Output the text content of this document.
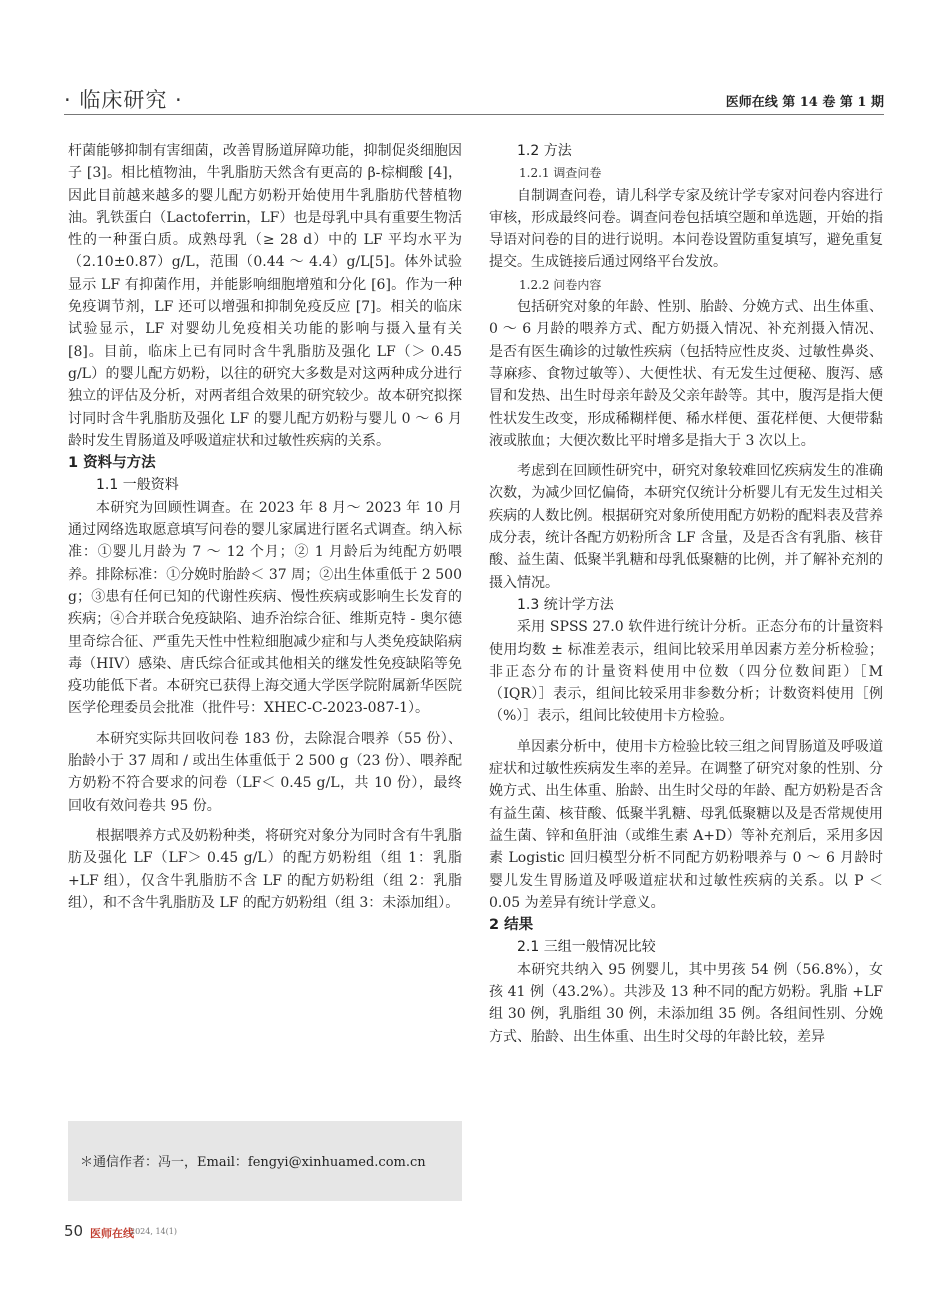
· 临床研究 ·	医师在线 第 14 卷 第 1 期

杆菌能够抑制有害细菌，改善胃肠道屏障功能，抑制促炎细胞因子 [3]。相比植物油，牛乳脂肪天然含有更高的 β-棕榈酸 [4]，因此目前越来越多的婴儿配方奶粉开始使用牛乳脂肪代替植物油。乳铁蛋白（Lactoferrin，LF）也是母乳中具有重要生物活性的一种蛋白质。成熟母乳（≥ 28 d）中的 LF 平均水平为（2.10±0.87）g/L，范围（0.44 ～ 4.4）g/L[5]。体外试验显示 LF 有抑菌作用，并能影响细胞增殖和分化 [6]。作为一种免疫调节剂，LF 还可以增强和抑制免疫反应 [7]。相关的临床试验显示，LF 对婴幼儿免疫相关功能的影响与摄入量有关 [8]。目前，临床上已有同时含牛乳脂肪及强化 LF（＞ 0.45 g/L）的婴儿配方奶粉，以往的研究大多数是对这两种成分进行独立的评估及分析，对两者组合效果的研究较少。故本研究拟探讨同时含牛乳脂肪及强化 LF 的婴儿配方奶粉与婴儿 0 ～ 6 月龄时发生胃肠道及呼吸道症状和过敏性疾病的关系。

1 资料与方法
1.1 一般资料

本研究为回顾性调查。在 2023 年 8 月～ 2023 年 10 月通过网络选取愿意填写问卷的婴儿家属进行匿名式调查。纳入标准：①婴儿月龄为 7 ～ 12 个月；② 1 月龄后为纯配方奶喂养。排除标准：①分娩时胎龄＜ 37 周；②出生体重低于 2 500 g；③患有任何已知的代谢性疾病、慢性疾病或影响生长发育的疾病；④合并联合免疫缺陷、迪乔治综合征、维斯克特 - 奥尔德里奇综合征、严重先天性中性粒细胞减少症和与人类免疫缺陷病毒（HIV）感染、唐氏综合征或其他相关的继发性免疫缺陷等免疫功能低下者。本研究已获得上海交通大学医学院附属新华医院医学伦理委员会批准（批件号：XHEC-C-2023-087-1）。

本研究实际共回收问卷 183 份，去除混合喂养（55 份）、胎龄小于 37 周和 / 或出生体重低于 2 500 g（23 份）、喂养配方奶粉不符合要求的问卷（LF＜ 0.45 g/L，共 10 份），最终回收有效问卷共 95 份。

根据喂养方式及奶粉种类，将研究对象分为同时含有牛乳脂肪及强化 LF（LF＞ 0.45 g/L）的配方奶粉组（组 1：乳脂 +LF 组），仅含牛乳脂肪不含 LF 的配方奶粉组（组 2：乳脂组），和不含牛乳脂肪及 LF 的配方奶粉组（组 3：未添加组）。

1.2 方法
1.2.1 调查问卷

自制调查问卷，请儿科学专家及统计学专家对问卷内容进行审核，形成最终问卷。调查问卷包括填空题和单选题，开始的指导语对问卷的目的进行说明。本问卷设置防重复填写，避免重复提交。生成链接后通过网络平台发放。

1.2.2 问卷内容

包括研究对象的年龄、性别、胎龄、分娩方式、出生体重、0 ～ 6 月龄的喂养方式、配方奶摄入情况、补充剂摄入情况、是否有医生确诊的过敏性疾病（包括特应性皮炎、过敏性鼻炎、荨麻疹、食物过敏等）、大便性状、有无发生过便秘、腹泻、感冒和发热、出生时母亲年龄及父亲年龄等。其中，腹泻是指大便性状发生改变，形成稀糊样便、稀水样便、蛋花样便、大便带黏液或脓血；大便次数比平时增多是指大于 3 次以上。

考虑到在回顾性研究中，研究对象较难回忆疾病发生的准确次数，为减少回忆偏倚，本研究仅统计分析婴儿有无发生过相关疾病的人数比例。根据研究对象所使用配方奶粉的配料表及营养成分表，统计各配方奶粉所含 LF 含量，及是否含有乳脂、核苷酸、益生菌、低聚半乳糖和母乳低聚糖的比例，并了解补充剂的摄入情况。

1.3 统计学方法

采用 SPSS 27.0 软件进行统计分析。正态分布的计量资料使用均数 ± 标准差表示，组间比较采用单因素方差分析检验；非正态分布的计量资料使用中位数（四分位数间距）［M（IQR）］表示，组间比较采用非参数分析；计数资料使用［例（%）］表示，组间比较使用卡方检验。

单因素分析中，使用卡方检验比较三组之间胃肠道及呼吸道症状和过敏性疾病发生率的差异。在调整了研究对象的性别、分娩方式、出生体重、胎龄、出生时父母的年龄、配方奶粉是否含有益生菌、核苷酸、低聚半乳糖、母乳低聚糖以及是否常规使用益生菌、锌和鱼肝油（或维生素 A+D）等补充剂后，采用多因素 Logistic 回归模型分析不同配方奶粉喂养与 0 ～ 6 月龄时婴儿发生胃肠道及呼吸道症状和过敏性疾病的关系。以 P ＜ 0.05 为差异有统计学意义。

2 结果
2.1 三组一般情况比较

本研究共纳入 95 例婴儿，其中男孩 54 例（56.8%），女孩 41 例（43.2%）。共涉及 13 种不同的配方奶粉。乳脂 +LF 组 30 例，乳脂组 30 例，未添加组 35 例。各组间性别、分娩方式、胎龄、出生体重、出生时父母的年龄比较，差异

＊通信作者：冯一，Email：fengyi@xinhuamed.com.cn
50 医师在线
2024, 14(1)
